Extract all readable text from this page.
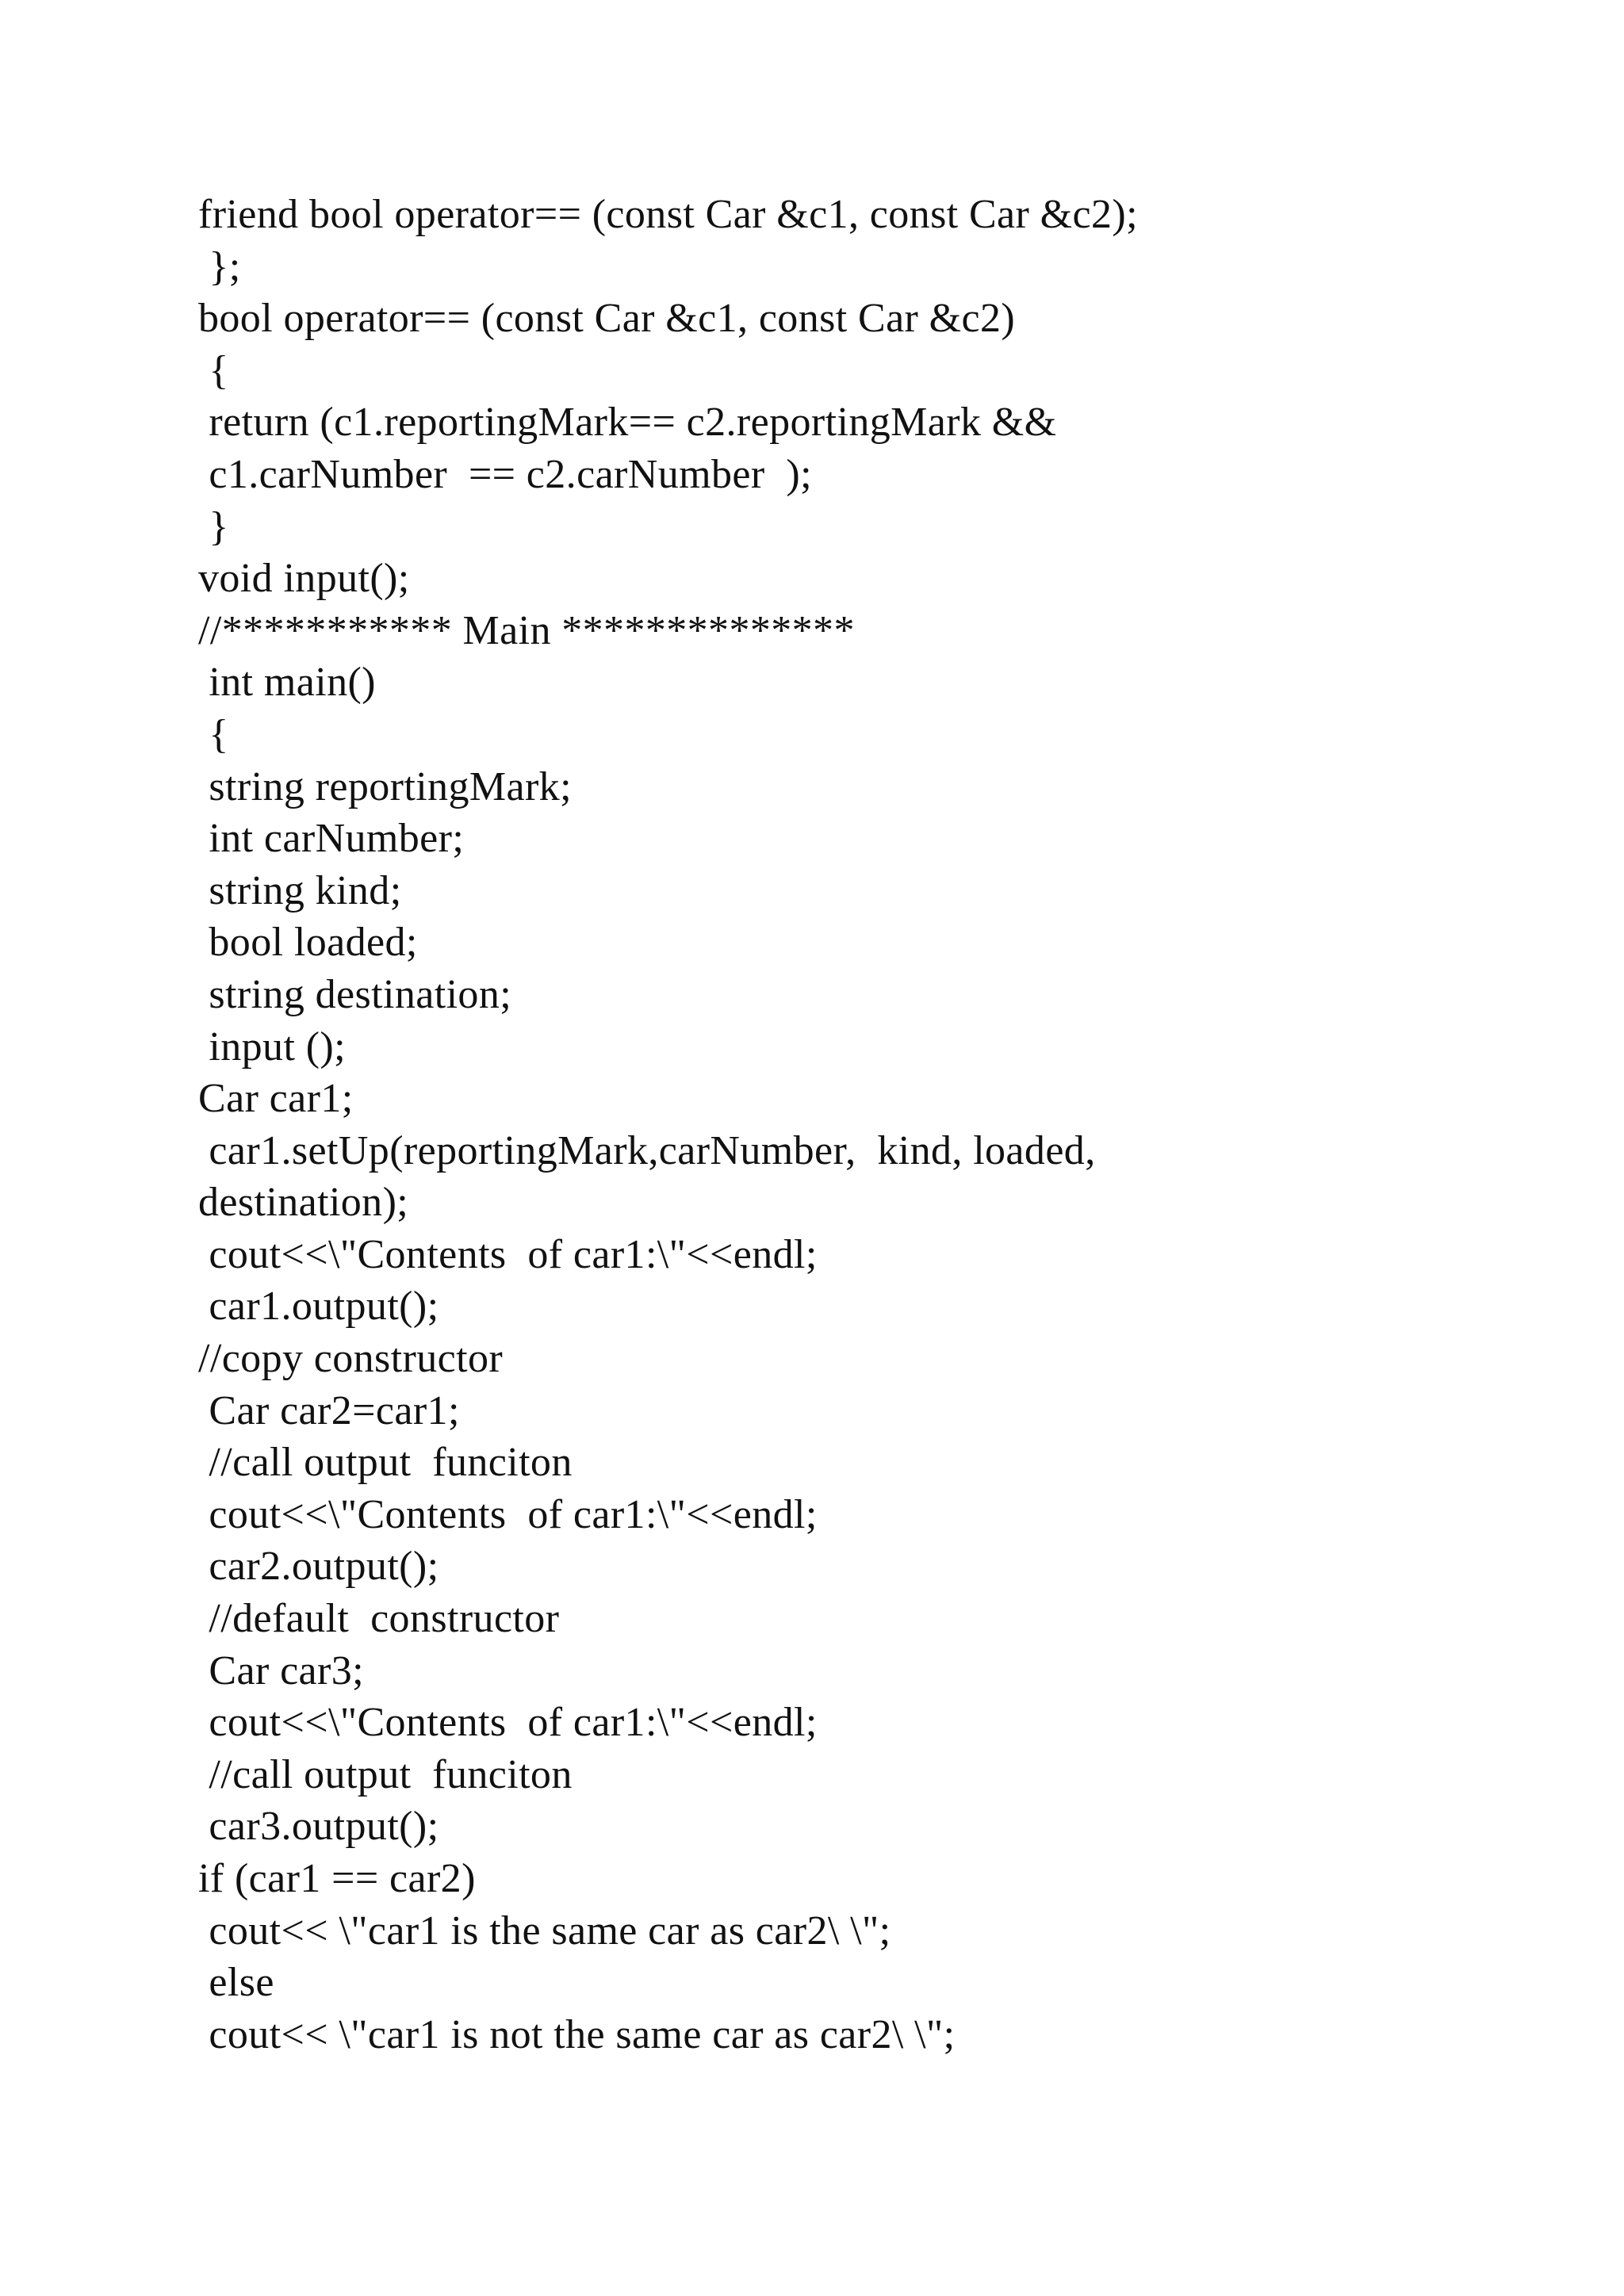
friend bool operator== (const Car &c1, const Car &c2);
};
bool operator== (const Car &c1, const Car &c2)
{
return (c1.reportingMark== c2.reportingMark &&
c1.carNumber  == c2.carNumber  );
}
void input();
//*********** Main **************
int main()
{
string reportingMark;
int carNumber;
string kind;
bool loaded;
string destination;
input ();
Car car1;
car1.setUp(reportingMark,carNumber,  kind, loaded,
destination);
cout<<\"Contents  of car1:\"<<endl;
car1.output();
//copy constructor
Car car2=car1;
//call output  funciton
cout<<\"Contents  of car1:\"<<endl;
car2.output();
//default  constructor
Car car3;
cout<<\"Contents  of car1:\"<<endl;
//call output  funciton
car3.output();
if (car1 == car2)
cout<< \"car1 is the same car as car2\ \";
else
cout<< \"car1 is not the same car as car2\ \";
